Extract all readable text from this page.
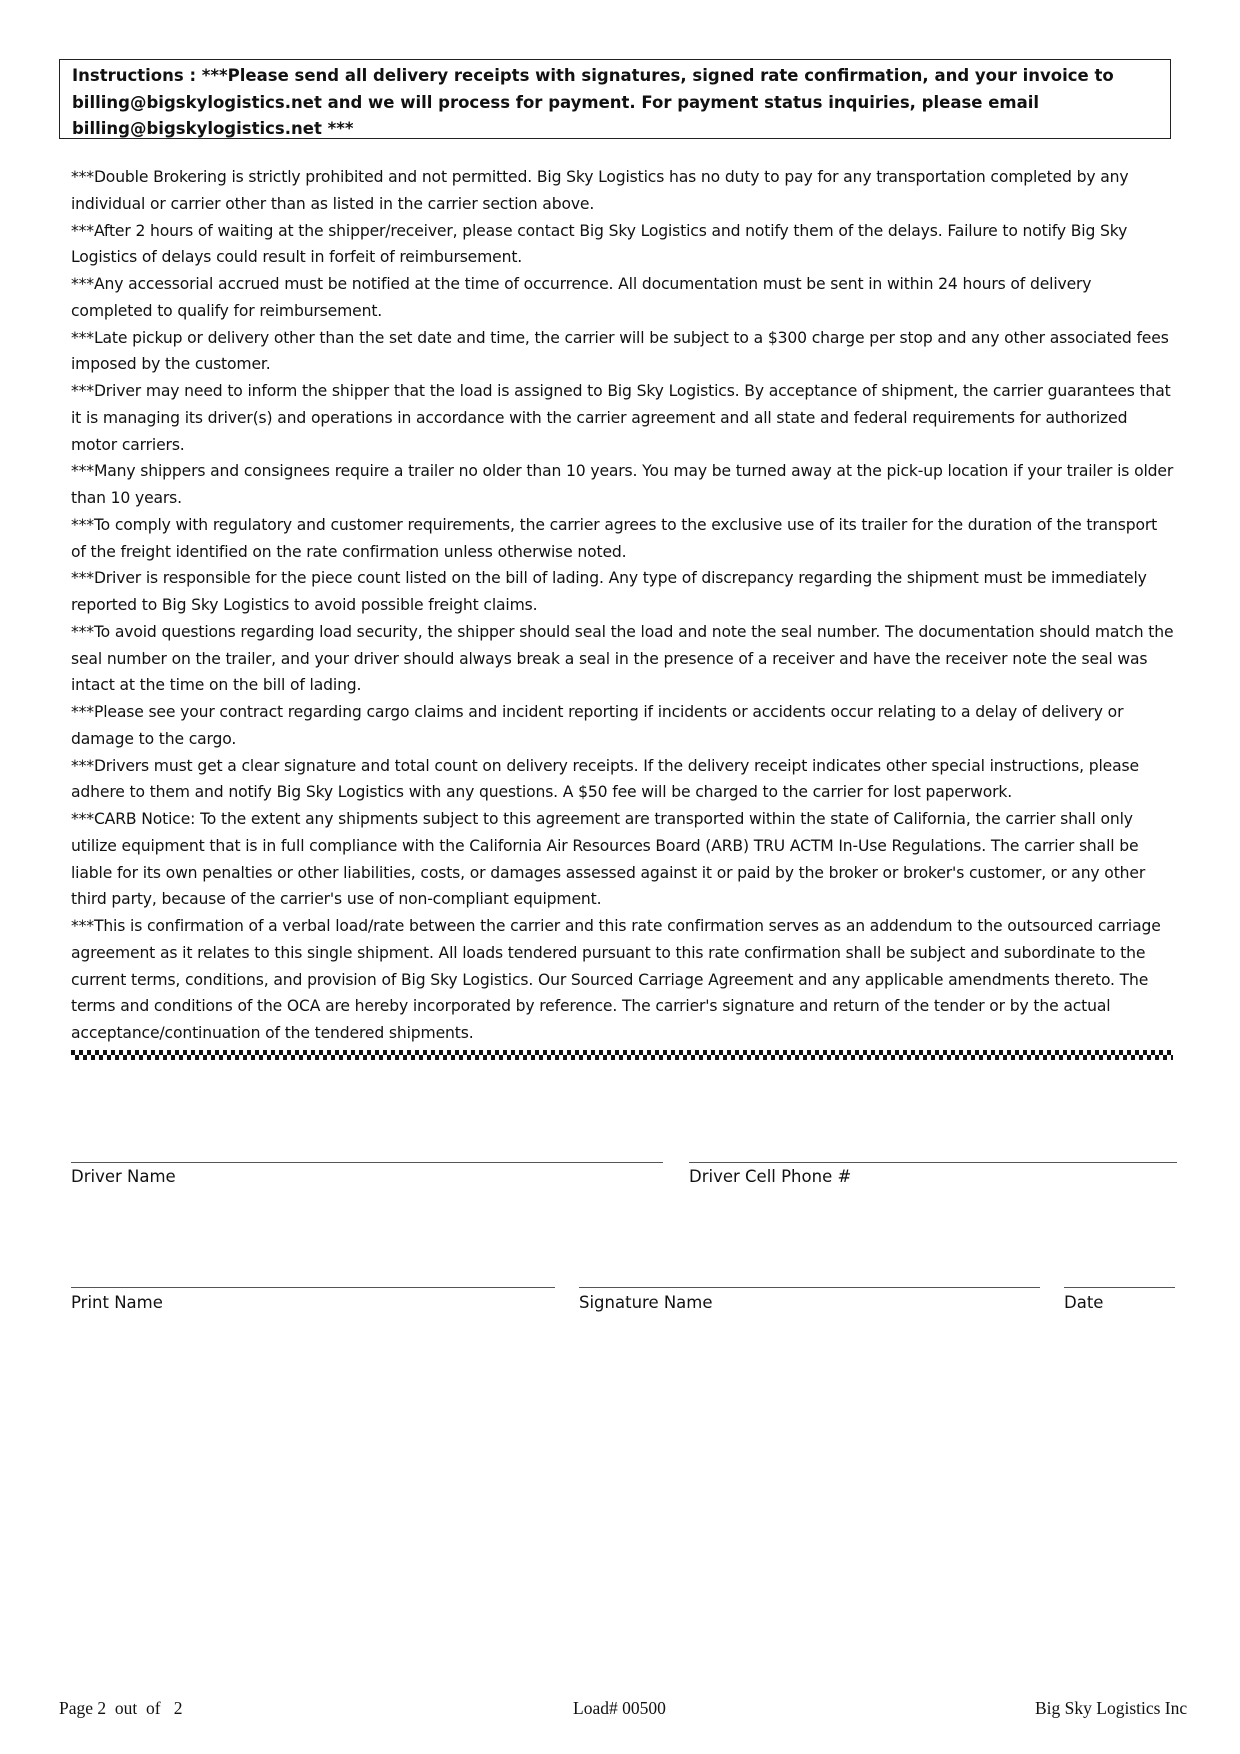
Instructions : ***Please send all delivery receipts with signatures, signed rate confirmation, and your invoice to billing@bigskylogistics.net and we will process for payment. For payment status inquiries, please email billing@bigskylogistics.net ***

***Double Brokering is strictly prohibited and not permitted. Big Sky Logistics has no duty to pay for any transportation completed by any individual or carrier other than as listed in the carrier section above.

***After 2 hours of waiting at the shipper/receiver, please contact Big Sky Logistics and notify them of the delays. Failure to notify Big Sky Logistics of delays could result in forfeit of reimbursement.

***Any accessorial accrued must be notified at the time of occurrence. All documentation must be sent in within 24 hours of delivery completed to qualify for reimbursement.

***Late pickup or delivery other than the set date and time, the carrier will be subject to a $300 charge per stop and any other associated fees imposed by the customer.

***Driver may need to inform the shipper that the load is assigned to Big Sky Logistics. By acceptance of shipment, the carrier guarantees that it is managing its driver(s) and operations in accordance with the carrier agreement and all state and federal requirements for authorized motor carriers.

***Many shippers and consignees require a trailer no older than 10 years. You may be turned away at the pick-up location if your trailer is older than 10 years.

***To comply with regulatory and customer requirements, the carrier agrees to the exclusive use of its trailer for the duration of the transport of the freight identified on the rate confirmation unless otherwise noted.

***Driver is responsible for the piece count listed on the bill of lading. Any type of discrepancy regarding the shipment must be immediately reported to Big Sky Logistics to avoid possible freight claims.

***To avoid questions regarding load security, the shipper should seal the load and note the seal number. The documentation should match the seal number on the trailer, and your driver should always break a seal in the presence of a receiver and have the receiver note the seal was intact at the time on the bill of lading.

***Please see your contract regarding cargo claims and incident reporting if incidents or accidents occur relating to a delay of delivery or damage to the cargo.

***Drivers must get a clear signature and total count on delivery receipts. If the delivery receipt indicates other special instructions, please adhere to them and notify Big Sky Logistics with any questions. A $50 fee will be charged to the carrier for lost paperwork.

***CARB Notice: To the extent any shipments subject to this agreement are transported within the state of California, the carrier shall only utilize equipment that is in full compliance with the California Air Resources Board (ARB) TRU ACTM In-Use Regulations. The carrier shall be liable for its own penalties or other liabilities, costs, or damages assessed against it or paid by the broker or broker's customer, or any other third party, because of the carrier's use of non-compliant equipment.

***This is confirmation of a verbal load/rate between the carrier and this rate confirmation serves as an addendum to the outsourced carriage agreement as it relates to this single shipment. All loads tendered pursuant to this rate confirmation shall be subject and subordinate to the current terms, conditions, and provision of Big Sky Logistics. Our Sourced Carriage Agreement and any applicable amendments thereto. The terms and conditions of the OCA are hereby incorporated by reference. The carrier's signature and return of the tender or by the actual acceptance/continuation of the tendered shipments.

Driver Name	Driver Cell Phone #
Print Name	Signature Name	Date
Page 2  out  of   2	Load# 00500	Big Sky Logistics Inc
